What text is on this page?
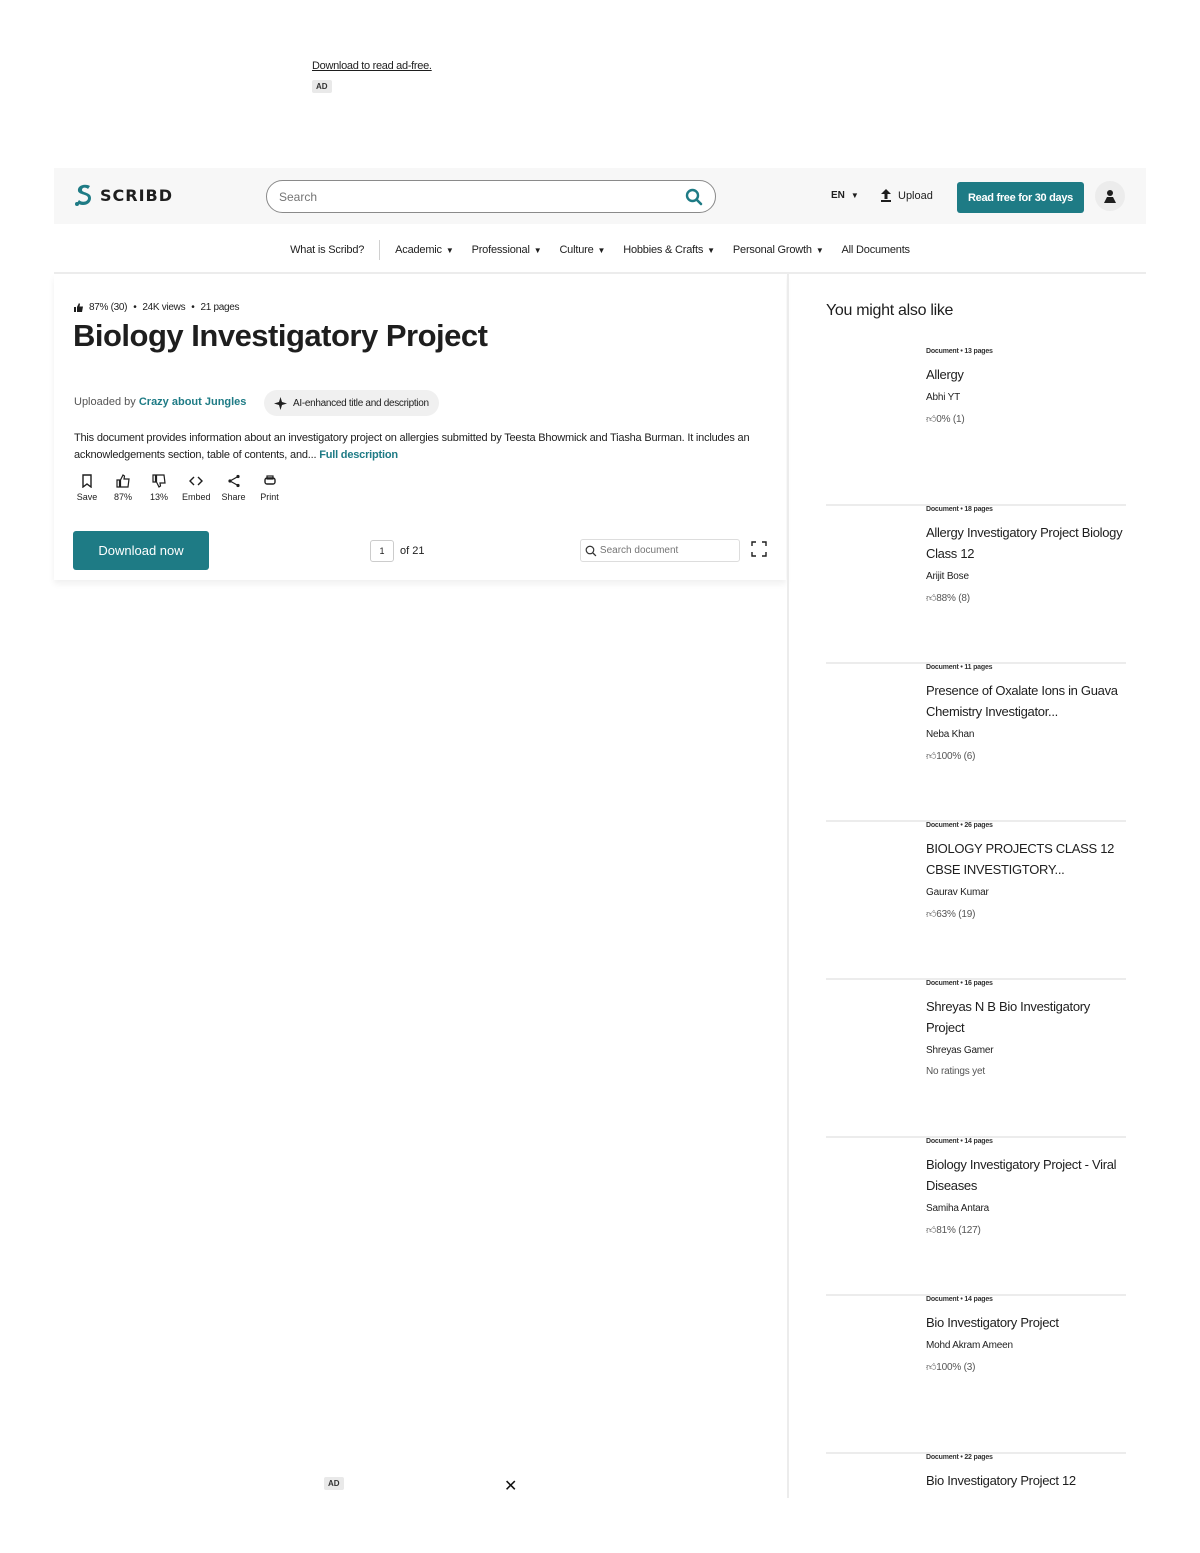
Download to read ad-free.
AD
SCRIBD
Search	EN ▼	Upload	Read free for 30 days
What is Scribd?	Academic ▼ Professional ▼ Culture ▼ Hobbies & Crafts ▼ Personal Growth ▼ All Documents
87% (30) • 24K views • 21 pages
Biology Investigatory Project
Uploaded by Crazy about Jungles	AI-enhanced title and description

This document provides information about an investigatory project on allergies submitted by Teesta Bhowmick and Tiasha Burman. It includes an acknowledgements section, table of contents, and... Full description

Save 87% 13% Embed Share Print
Download now	1	of 21
Search document
You might also like
Document • 13 pages
Allergy
Abhi YT
👍︎0% (1)
Document • 18 pages
Allergy Investigatory Project Biology Class 12
Arijit Bose
👍︎88% (8)
Document • 11 pages
Presence of Oxalate Ions in Guava Chemistry Investigator...
Neba Khan
👍︎100% (6)
Document • 26 pages
BIOLOGY PROJECTS CLASS 12 CBSE INVESTIGTORY...
Gaurav Kumar
👍︎63% (19)
Document • 16 pages
Shreyas N B Bio Investigatory Project
Shreyas Gamer
No ratings yet
Document • 14 pages
Biology Investigatory Project - Viral Diseases
Samiha Antara
👍︎81% (127)
Document • 14 pages
Bio Investigatory Project
Mohd Akram Ameen
👍︎100% (3)
Document • 22 pages
Bio Investigatory Project 12
AD	✕
